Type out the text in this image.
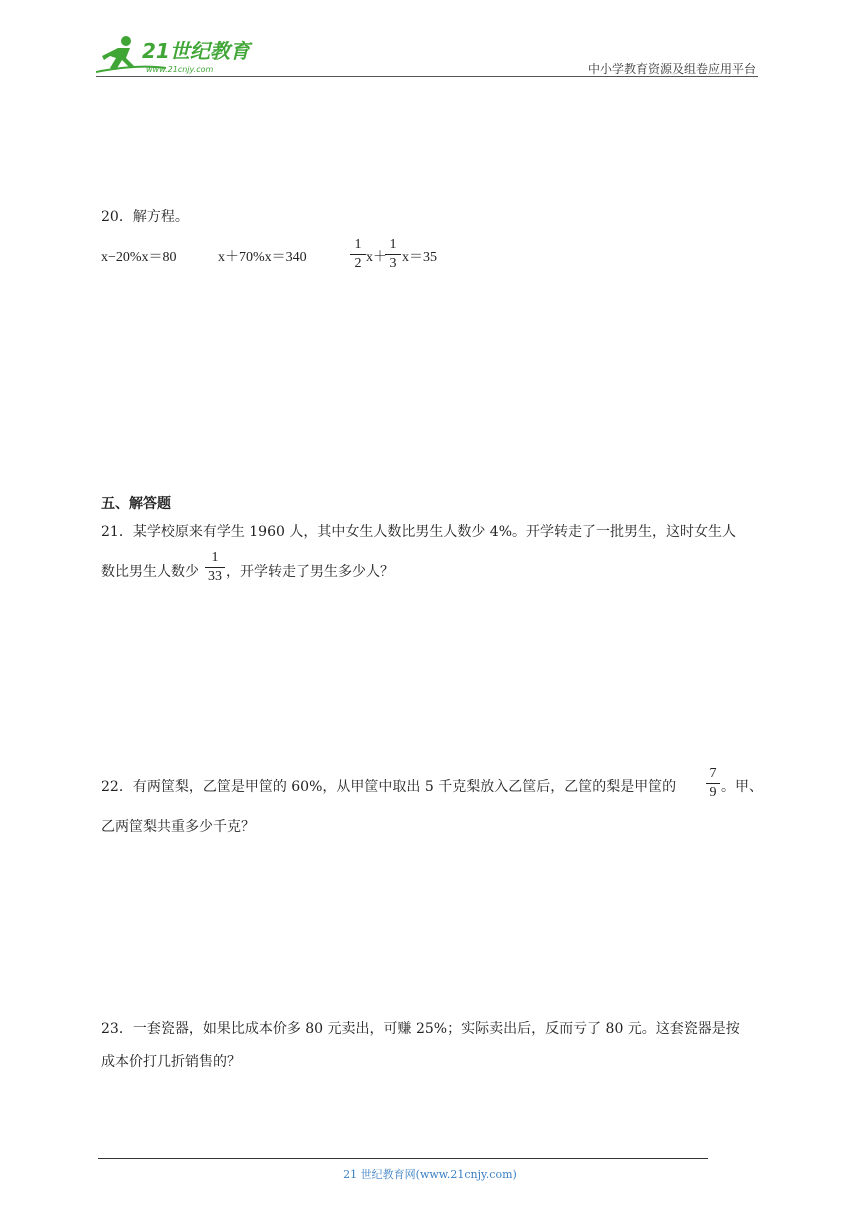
21世纪教育
www.21cnjy.com	中小学教育资源及组卷应用平台
20．解方程。
x−20%x＝80	x＋70%x＝340
1
2 x＋
1
3 x＝35
五、解答题
21．某学校原来有学生 1960 人，其中女生人数比男生人数少 4%。开学转走了一批男生，这时女生人
数比男生人数少
1
33 ，开学转走了男生多少人？
22．有两筐梨，乙筐是甲筐的 60%，从甲筐中取出 5 千克梨放入乙筐后，乙筐的梨是甲筐的
7
9 。甲、
乙两筐梨共重多少千克？
23．一套瓷器，如果比成本价多 80 元卖出，可赚 25%；实际卖出后，反而亏了 80 元。这套瓷器是按
成本价打几折销售的？
21 世纪教育网(www.21cnjy.com)
